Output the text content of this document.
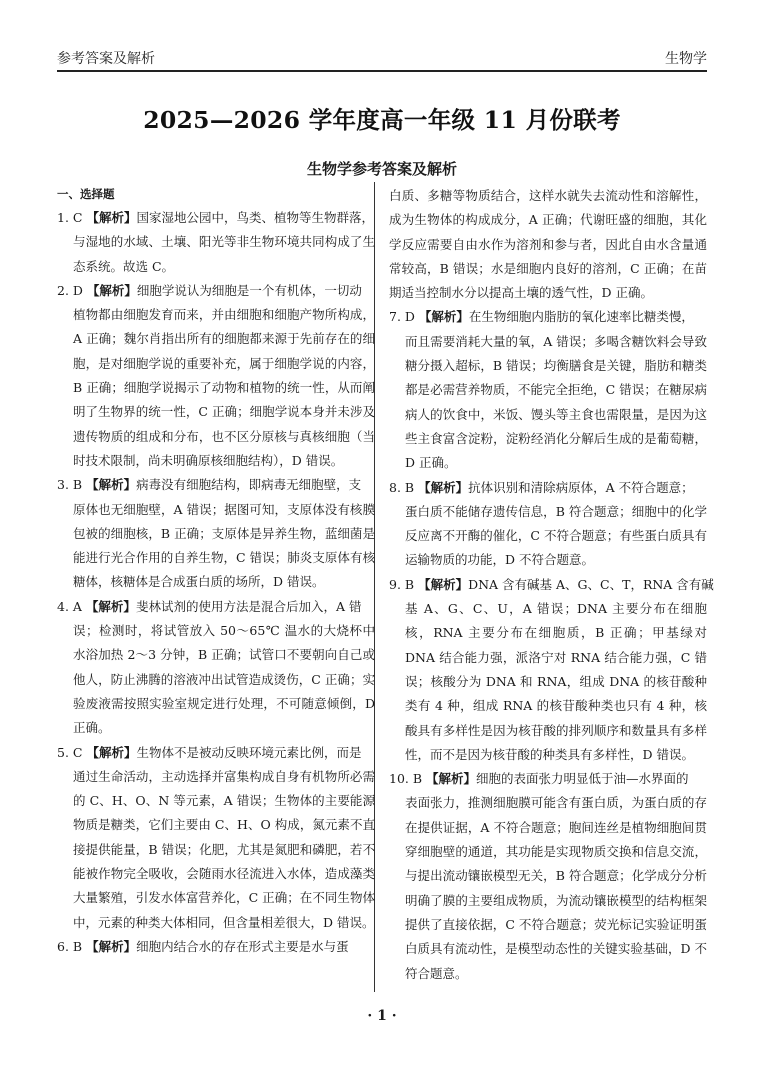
参考答案及解析	生物学
2025—2026 学年度高一年级 11 月份联考
生物学参考答案及解析
一、选择题
1. C 【解析】国家湿地公园中，鸟类、植物等生物群落，
与湿地的水域、土壤、阳光等非生物环境共同构成了生态系统。故选 C。
2. D 【解析】细胞学说认为细胞是一个有机体，一切动
植物都由细胞发育而来，并由细胞和细胞产物所构成，A 正确；魏尔肖指出所有的细胞都来源于先前存在的细胞，是对细胞学说的重要补充，属于细胞学说的内容，B 正确；细胞学说揭示了动物和植物的统一性，从而阐明了生物界的统一性，C 正确；细胞学说本身并未涉及遗传物质的组成和分布，也不区分原核与真核细胞（当时技术限制，尚未明确原核细胞结构），D 错误。
3. B 【解析】病毒没有细胞结构，即病毒无细胞壁，支
原体也无细胞壁，A 错误；据图可知，支原体没有核膜包被的细胞核，B 正确；支原体是异养生物，蓝细菌是能进行光合作用的自养生物，C 错误；肺炎支原体有核糖体，核糖体是合成蛋白质的场所，D 错误。
4. A 【解析】斐林试剂的使用方法是混合后加入，A 错
误；检测时，将试管放入 50～65℃ 温水的大烧杯中水浴加热 2～3 分钟，B 正确；试管口不要朝向自己或他人，防止沸腾的溶液冲出试管造成烫伤，C 正确；实验废液需按照实验室规定进行处理，不可随意倾倒，D 正确。
5. C 【解析】生物体不是被动反映环境元素比例，而是
通过生命活动，主动选择并富集构成自身有机物所必需的 C、H、O、N 等元素，A 错误；生物体的主要能源物质是糖类，它们主要由 C、H、O 构成，氮元素不直接提供能量，B 错误；化肥，尤其是氮肥和磷肥，若不能被作物完全吸收，会随雨水径流进入水体，造成藻类大量繁殖，引发水体富营养化，C 正确；在不同生物体中，元素的种类大体相同，但含量相差很大，D 错误。
6. B 【解析】细胞内结合水的存在形式主要是水与蛋
白质、多糖等物质结合，这样水就失去流动性和溶解性，成为生物体的构成成分，A 正确；代谢旺盛的细胞，其化学反应需要自由水作为溶剂和参与者，因此自由水含量通常较高，B 错误；水是细胞内良好的溶剂，C 正确；在苗期适当控制水分以提高土壤的透气性，D 正确。
7. D 【解析】在生物细胞内脂肪的氧化速率比糖类慢，
而且需要消耗大量的氧，A 错误；多喝含糖饮料会导致糖分摄入超标，B 错误；均衡膳食是关键，脂肪和糖类都是必需营养物质，不能完全拒绝，C 错误；在糖尿病病人的饮食中，米饭、馒头等主食也需限量，是因为这些主食富含淀粉，淀粉经消化分解后生成的是葡萄糖，D 正确。
8. B 【解析】抗体识别和清除病原体，A 不符合题意；
蛋白质不能储存遗传信息，B 符合题意；细胞中的化学反应离不开酶的催化，C 不符合题意；有些蛋白质具有运输物质的功能，D 不符合题意。
9. B 【解析】DNA 含有碱基 A、G、C、T，RNA 含有碱
基 A、G、C、U，A 错误；DNA 主要分布在细胞核，RNA 主要分布在细胞质，B 正确；甲基绿对 DNA 结合能力强，派洛宁对 RNA 结合能力强，C 错误；核酸分为 DNA 和 RNA，组成 DNA 的核苷酸种类有 4 种，组成 RNA 的核苷酸种类也只有 4 种，核酸具有多样性是因为核苷酸的排列顺序和数量具有多样性，而不是因为核苷酸的种类具有多样性，D 错误。
10. B 【解析】细胞的表面张力明显低于油—水界面的
表面张力，推测细胞膜可能含有蛋白质，为蛋白质的存在提供证据，A 不符合题意；胞间连丝是植物细胞间贯穿细胞壁的通道，其功能是实现物质交换和信息交流，与提出流动镶嵌模型无关，B 符合题意；化学成分分析明确了膜的主要组成物质，为流动镶嵌模型的结构框架提供了直接依据，C 不符合题意；荧光标记实验证明蛋白质具有流动性，是模型动态性的关键实验基础，D 不符合题意。
· 1 ·
